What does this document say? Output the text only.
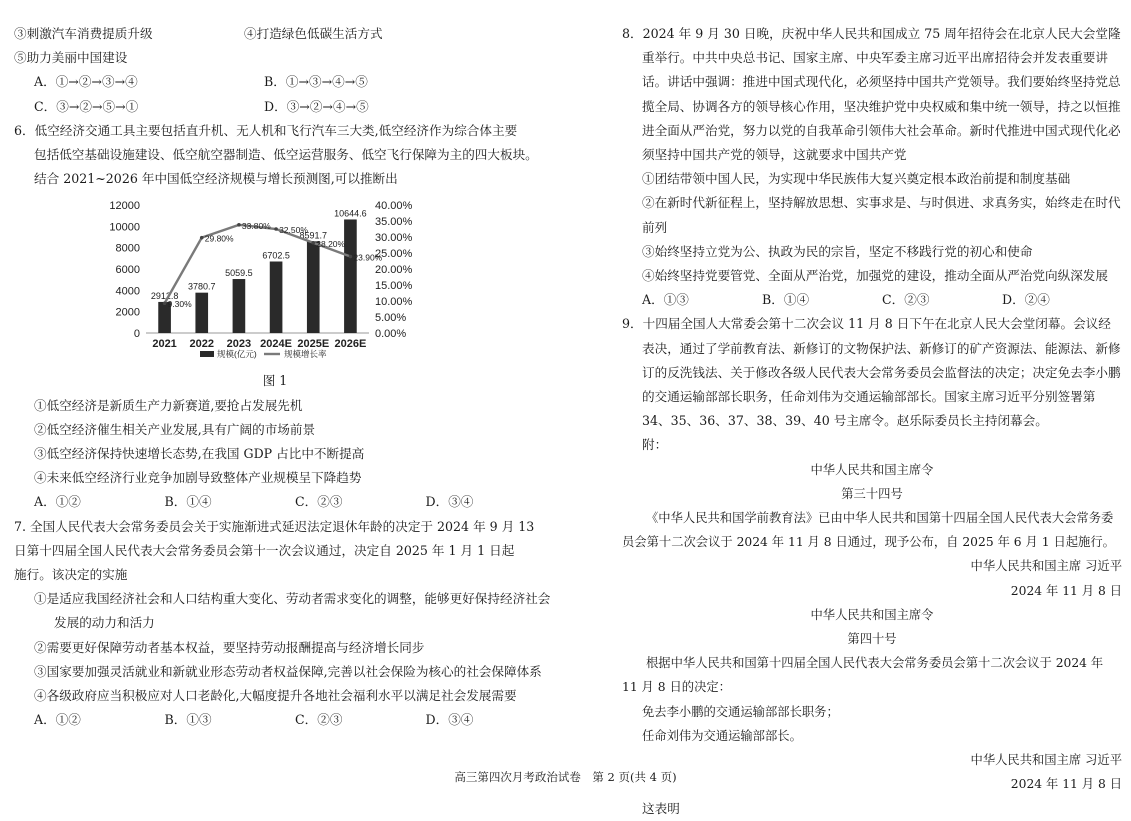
③刺激汽车消费提质升级	④打造绿色低碳生活方式

⑤助力美丽中国建设

A．①→②→③→④	B．①→③→④→⑤
C．③→②→⑤→①	D．③→②→④→⑤

6．低空经济交通工具主要包括直升机、无人机和飞行汽车三大类,低空经济作为综合体主要

包括低空基础设施建设、低空航空器制造、低空运营服务、低空飞行保障为主的四大板块。

结合 2021~2026 年中国低空经济规模与增长预测图,可以推断出

0
2000
4000
6000
8000
10000
12000
0.00%
5.00%
10.00%
15.00%
20.00%
25.00%
30.00%
35.00%
40.00%
2912.8
2021
3780.7
2022
5059.5
2023
6702.5
2024E
8591.7
2025E
10644.6
2026E
9.30%
29.80%
33.80% 32.50%
28.20%
23.90%
规模(亿元)	规模增长率

图 1

①低空经济是新质生产力新赛道,要抢占发展先机

②低空经济催生相关产业发展,具有广阔的市场前景

③低空经济保持快速增长态势,在我国 GDP 占比中不断提高

④未来低空经济行业竞争加剧导致整体产业规模呈下降趋势

A．①②	B．①④	C．②③	D．③④

7. 全国人民代表大会常务委员会关于实施渐进式延迟法定退休年龄的决定于 2024 年 9 月 13

日第十四届全国人民代表大会常务委员会第十一次会议通过，决定自 2025 年 1 月 1 日起

施行。该决定的实施

①是适应我国经济社会和人口结构重大变化、劳动者需求变化的调整，能够更好保持经济社会发展的动力和活力

②需要更好保障劳动者基本权益，要坚持劳动报酬提高与经济增长同步

③国家要加强灵活就业和新就业形态劳动者权益保障,完善以社会保险为核心的社会保障体系

④各级政府应当积极应对人口老龄化,大幅度提升各地社会福利水平以满足社会发展需要

A．①②	B．①③	C．②③	D．③④

8．2024 年 9 月 30 日晚，庆祝中华人民共和国成立 75 周年招待会在北京人民大会堂隆重举行。中共中央总书记、国家主席、中央军委主席习近平出席招待会并发表重要讲话。讲话中强调：推进中国式现代化，必须坚持中国共产党领导。我们要始终坚持党总揽全局、协调各方的领导核心作用，坚决维护党中央权威和集中统一领导，持之以恒推进全面从严治党，努力以党的自我革命引领伟大社会革命。新时代推进中国式现代化必须坚持中国共产党的领导，这就要求中国共产党

①团结带领中国人民，为实现中华民族伟大复兴奠定根本政治前提和制度基础

②在新时代新征程上，坚持解放思想、实事求是、与时俱进、求真务实，始终走在时代前列

③始终坚持立党为公、执政为民的宗旨，坚定不移践行党的初心和使命

④始终坚持党要管党、全面从严治党，加强党的建设，推动全面从严治党向纵深发展

A．①③	B．①④	C．②③	D．②④

9．十四届全国人大常委会第十二次会议 11 月 8 日下午在北京人民大会堂闭幕。会议经表决，通过了学前教育法、新修订的文物保护法、新修订的矿产资源法、能源法、新修订的反洗钱法、关于修改各级人民代表大会常务委员会监督法的决定；决定免去李小鹏的交通运输部部长职务，任命刘伟为交通运输部部长。国家主席习近平分别签署第 34、35、36、37、38、39、40 号主席令。赵乐际委员长主持闭幕会。

附：

中华人民共和国主席令

第三十四号

《中华人民共和国学前教育法》已由中华人民共和国第十四届全国人民代表大会常务委员会第十二次会议于 2024 年 11 月 8 日通过，现予公布，自 2025 年 6 月 1 日起施行。

中华人民共和国主席 习近平

2024 年 11 月 8 日

中华人民共和国主席令

第四十号

根据中华人民共和国第十四届全国人民代表大会常务委员会第十二次会议于 2024 年 11 月 8 日的决定：

免去李小鹏的交通运输部部长职务；

任命刘伟为交通运输部部长。

中华人民共和国主席 习近平

2024 年 11 月 8 日

这表明

高三第四次月考政治试卷　第 2 页(共 4 页)
